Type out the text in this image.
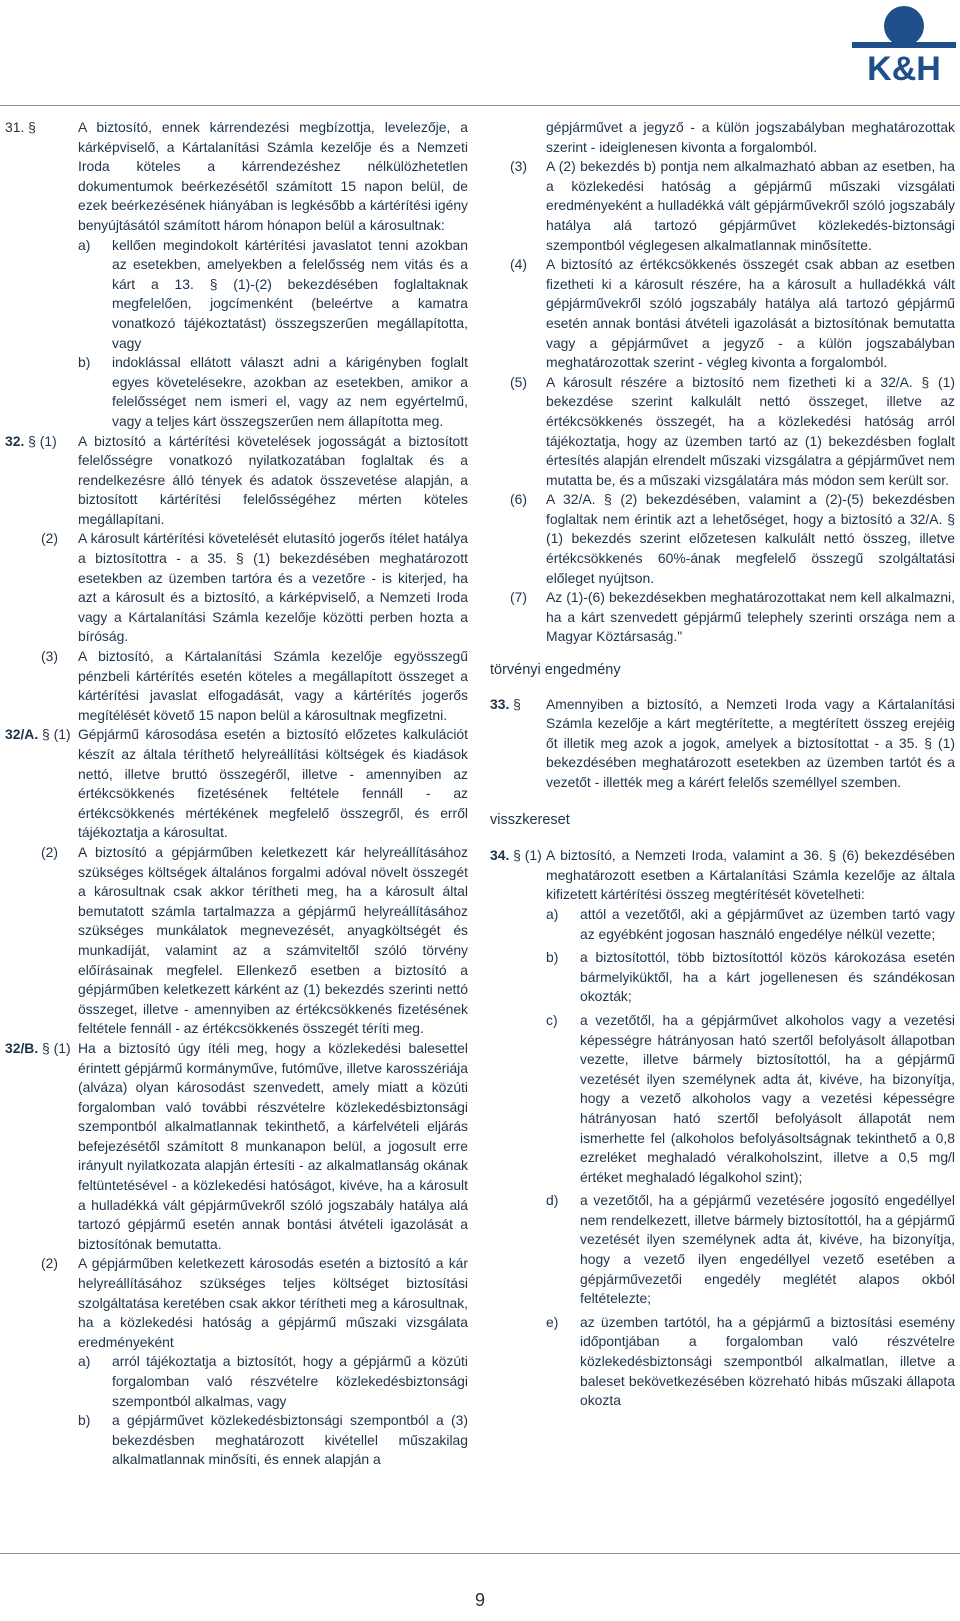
K&H
31. §	A biztosító, ennek kárrendezési megbízottja, levelezője, a kárképviselő, a Kártalanítási Számla kezelője és a Nemzeti Iroda köteles a kárrendezéshez nélkülözhetetlen dokumentumok beérkezésétől számított 15 napon belül, de ezek beérkezésének hiányában is legkésőbb a kártérítési igény benyújtásától számított három hónapon belül a károsultnak:
a) kellően megindokolt kártérítési javaslatot tenni azokban az esetekben, amelyekben a felelősség nem vitás és a kárt a 13. § (1)-(2) bekezdésében foglaltaknak megfelelően, jogcímenként (beleértve a kamatra vonatkozó tájékoztatást) összegszerűen megállapította, vagy
b) indoklással ellátott választ adni a kárigényben foglalt egyes követelésekre, azokban az esetekben, amikor a felelősséget nem ismeri el, vagy az nem egyértelmű, vagy a teljes kárt összegszerűen nem állapította meg.
32. § (1) A biztosító a kártérítési követelések jogosságát a biztosított felelősségre vonatkozó nyilatkozatában foglaltak és a rendelkezésre álló tények és adatok összevetése alapján, a biztosított kártérítési felelősségéhez mérten köteles megállapítani.
(2) A károsult kártérítési követelését elutasító jogerős ítélet hatálya a biztosítottra - a 35. § (1) bekezdésében meghatározott esetekben az üzemben tartóra és a vezetőre - is kiterjed, ha azt a károsult és a biztosító, a kárképviselő, a Nemzeti Iroda vagy a Kártalanítási Számla kezelője közötti perben hozta a bíróság.
(3) A biztosító, a Kártalanítási Számla kezelője egyösszegű pénzbeli kártérítés esetén köteles a megállapított összeget a kártérítési javaslat elfogadását, vagy a kártérítés jogerős megítélését követő 15 napon belül a károsultnak megfizetni.
32/A. § (1) Gépjármű károsodása esetén a biztosító előzetes kalkulációt készít az általa téríthető helyreállítási költségek és kiadások nettó, illetve bruttó összegéről, illetve - amennyiben az értékcsökkenés fizetésének feltétele fennáll - az értékcsökkenés mértékének megfelelő összegről, és erről tájékoztatja a károsultat.
(2) A biztosító a gépjárműben keletkezett kár helyreállításához szükséges költségek általános forgalmi adóval növelt összegét a károsultnak csak akkor térítheti meg, ha a károsult által bemutatott számla tartalmazza a gépjármű helyreállításához szükséges munkálatok megnevezését, anyagköltségét és munkadíját, valamint az a számviteltől szóló törvény előírásainak megfelel. Ellenkező esetben a biztosító a gépjárműben keletkezett kárként az (1) bekezdés szerinti nettó összeget, illetve - amennyiben az értékcsökkenés fizetésének feltétele fennáll - az értékcsökkenés összegét téríti meg.
32/B. § (1) Ha a biztosító úgy ítéli meg, hogy a közlekedési balesettel érintett gépjármű kormányműve, futóműve, illetve karosszériája (alváza) olyan károsodást szenvedett, amely miatt a közúti forgalomban való további részvételre közlekedésbiztonsági szempontból alkalmatlannak tekinthető, a kárfelvételi eljárás befejezésétől számított 8 munkanapon belül, a jogosult erre irányult nyilatkozata alapján értesíti - az alkalmatlanság okának feltüntetésével - a közlekedési hatóságot, kivéve, ha a károsult a hulladékká vált gépjárművekről szóló jogszabály hatálya alá tartozó gépjármű esetén annak bontási átvételi igazolását a biztosítónak bemutatta.
(2) A gépjárműben keletkezett károsodás esetén a biztosító a kár helyreállításához szükséges teljes költséget biztosítási szolgáltatása keretében csak akkor térítheti meg a károsultnak, ha a közlekedési hatóság a gépjármű műszaki vizsgálata eredményeként
a) arról tájékoztatja a biztosítót, hogy a gépjármű a közúti forgalomban való részvételre közlekedésbiztonsági szempontból alkalmas, vagy
b) a gépjárművet közlekedésbiztonsági szempontból a (3) bekezdésben meghatározott kivétellel műszakilag alkalmatlannak minősíti, és ennek alapján a
gépjárművet a jegyző - a külön jogszabályban meghatározottak szerint - ideiglenesen kivonta a forgalomból.
(3) A (2) bekezdés b) pontja nem alkalmazható abban az esetben, ha a közlekedési hatóság a gépjármű műszaki vizsgálati eredményeként a hulladékká vált gépjárművekről szóló jogszabály hatálya alá tartozó gépjárművet közlekedés-biztonsági szempontból véglegesen alkalmatlannak minősítette.
(4) A biztosító az értékcsökkenés összegét csak abban az esetben fizetheti ki a károsult részére, ha a károsult a hulladékká vált gépjárművekről szóló jogszabály hatálya alá tartozó gépjármű esetén annak bontási átvételi igazolását a biztosítónak bemutatta vagy a gépjárművet a jegyző - a külön jogszabályban meghatározottak szerint - végleg kivonta a forgalomból.
(5) A károsult részére a biztosító nem fizetheti ki a 32/A. § (1) bekezdése szerint kalkulált nettó összeget, illetve az értékcsökkenés összegét, ha a közlekedési hatóság arról tájékoztatja, hogy az üzemben tartó az (1) bekezdésben foglalt értesítés alapján elrendelt műszaki vizsgálatra a gépjárművet nem mutatta be, és a műszaki vizsgálatára más módon sem került sor.
(6) A 32/A. § (2) bekezdésében, valamint a (2)-(5) bekezdésben foglaltak nem érintik azt a lehetőséget, hogy a biztosító a 32/A. § (1) bekezdés szerint előzetesen kalkulált nettó összeg, illetve értékcsökkenés 60%-ának megfelelő összegű szolgáltatási előleget nyújtson.
(7) Az (1)-(6) bekezdésekben meghatározottakat nem kell alkalmazni, ha a kárt szenvedett gépjármű telephely szerinti országa nem a Magyar Köztársaság."
törvényi engedmény
33. § Amennyiben a biztosító, a Nemzeti Iroda vagy a Kártalanítási Számla kezelője a kárt megtérítette, a megtérített összeg erejéig őt illetik meg azok a jogok, amelyek a biztosítottat - a 35. § (1) bekezdésében meghatározott esetekben az üzemben tartót és a vezetőt - illették meg a kárért felelős személlyel szemben.
visszkereset
34. § (1) A biztosító, a Nemzeti Iroda, valamint a 36. § (6) bekezdésében meghatározott esetben a Kártalanítási Számla kezelője az általa kifizetett kártérítési összeg megtérítését követelheti:
a) attól a vezetőtől, aki a gépjárművet az üzemben tartó vagy az egyébként jogosan használó engedélye nélkül vezette;
b) a biztosítottól, több biztosítottól közös károkozása esetén bármelyiküktől, ha a kárt jogellenesen és szándékosan okozták;
c) a vezetőtől, ha a gépjárművet alkoholos vagy a vezetési képességre hátrányosan ható szertől befolyásolt állapotban vezette, illetve bármely biztosítottól, ha a gépjármű vezetését ilyen személynek adta át, kivéve, ha bizonyítja, hogy a vezető alkoholos vagy a vezetési képességre hátrányosan ható szertől befolyásolt állapotát nem ismerhette fel (alkoholos befolyásoltságnak tekinthető a 0,8 ezreléket meghaladó véralkoholszint, illetve a 0,5 mg/l értéket meghaladó légalkohol szint);
d) a vezetőtől, ha a gépjármű vezetésére jogosító engedéllyel nem rendelkezett, illetve bármely biztosítottól, ha a gépjármű vezetését ilyen személynek adta át, kivéve, ha bizonyítja, hogy a vezető ilyen engedéllyel vezető esetében a gépjárművezetői engedély meglétét alapos okból feltételezte;
e) az üzemben tartótól, ha a gépjármű a biztosítási esemény időpontjában a forgalomban való részvételre közlekedésbiztonsági szempontból alkalmatlan, illetve a baleset bekövetkezésében közreható hibás műszaki állapota okozta
9
